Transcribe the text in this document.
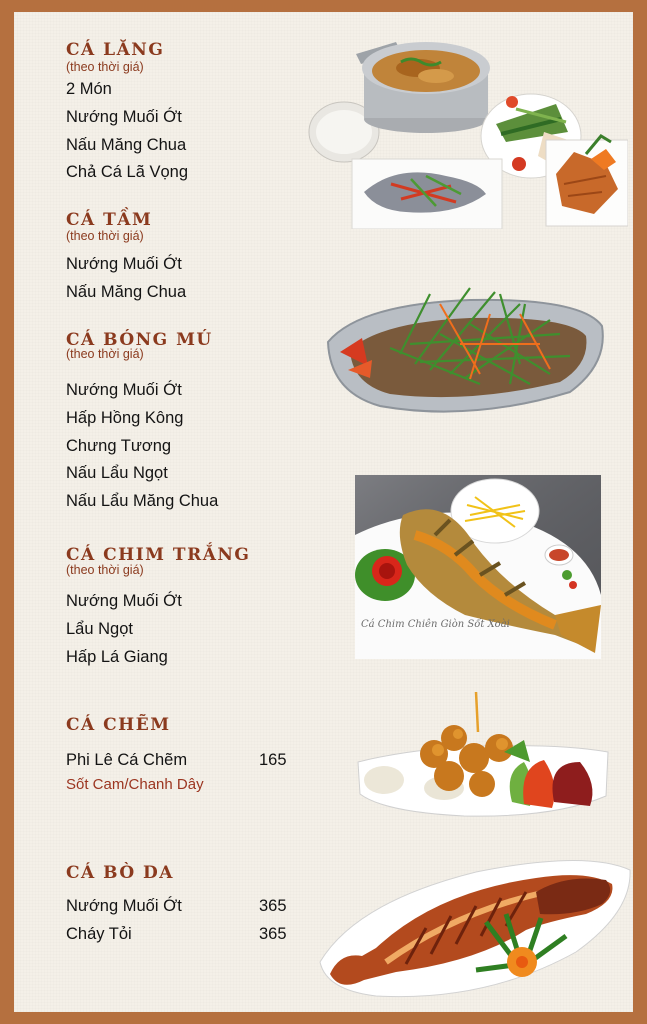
CÁ LĂNG

(theo thời giá)

2 Món
Nướng Muối Ớt
Nấu Măng Chua
Chả Cá Lã Vọng
CÁ TẦM

(theo thời giá)

Nướng Muối Ớt
Nấu Măng Chua
CÁ BÓNG MÚ

(theo thời giá)

Nướng Muối Ớt
Hấp Hồng Kông
Chưng Tương
Nấu Lẩu Ngọt
Nấu Lẩu Măng Chua
CÁ CHIM TRẮNG

(theo thời giá)

Nướng Muối Ớt
Lẩu Ngọt
Hấp Lá Giang
CÁ CHẼM
Phi Lê Cá Chẽm	165
Sốt Cam/Chanh Dây
CÁ BÒ DA
Nướng Muối Ớt	365
Cháy Tỏi	365
Cá Chim Chiên Giòn Sốt Xoài
